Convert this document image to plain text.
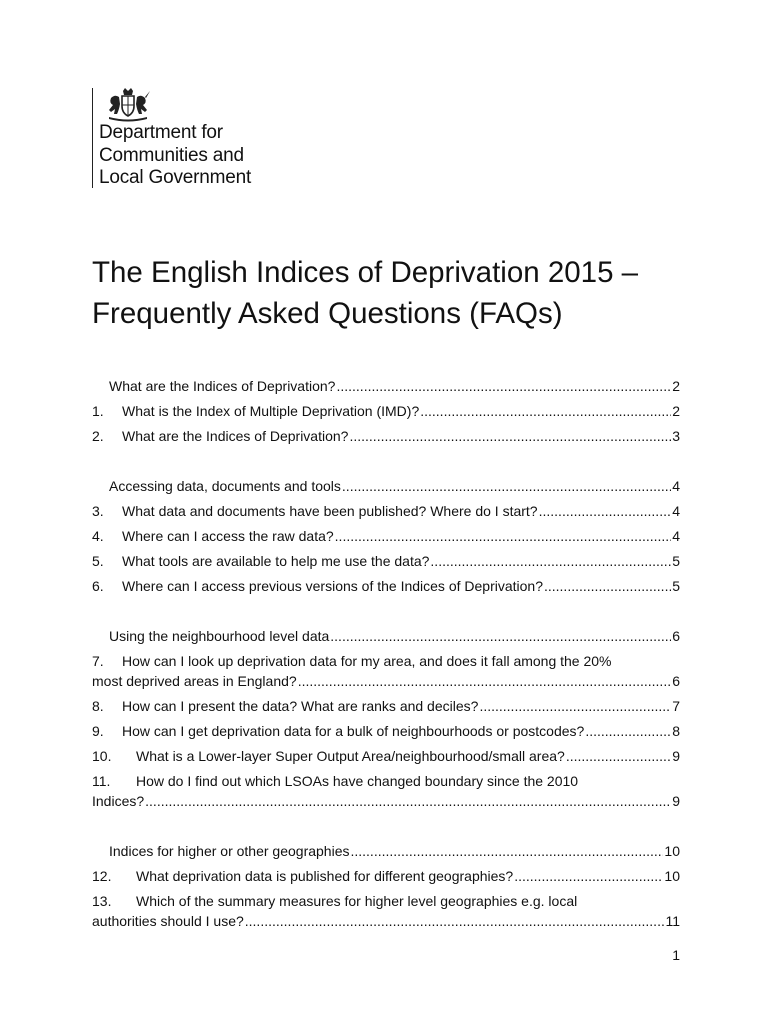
Department for
Communities and
Local Government
The English Indices of Deprivation 2015 –
Frequently Asked Questions (FAQs)
What are the Indices of Deprivation? .....	2
1.	What is the Index of Multiple Deprivation (IMD)? .....	2
2.	What are the Indices of Deprivation? .....	3
Accessing data, documents and tools .....	4
3.	What data and documents have been published? Where do I start? .....	4
4.	Where can I access the raw data? .....	4
5.	What tools are available to help me use the data? .....	5
6.	Where can I access previous versions of the Indices of Deprivation? .....	5
Using the neighbourhood level data .....	6
7. How can I look up deprivation data for my area, and does it fall among the 20%
most deprived areas in England? .....	6
8.	How can I present the data? What are ranks and deciles? .....	7
9.	How can I get deprivation data for a bulk of neighbourhoods or postcodes? .....	8
10.	What is a Lower-layer Super Output Area/neighbourhood/small area? .....	9
11. How do I find out which LSOAs have changed boundary since the 2010
Indices? .....	9
Indices for higher or other geographies .....	10
12.	What deprivation data is published for different geographies? .....	10
13. Which of the summary measures for higher level geographies e.g. local
authorities should I use? .....	11
1
